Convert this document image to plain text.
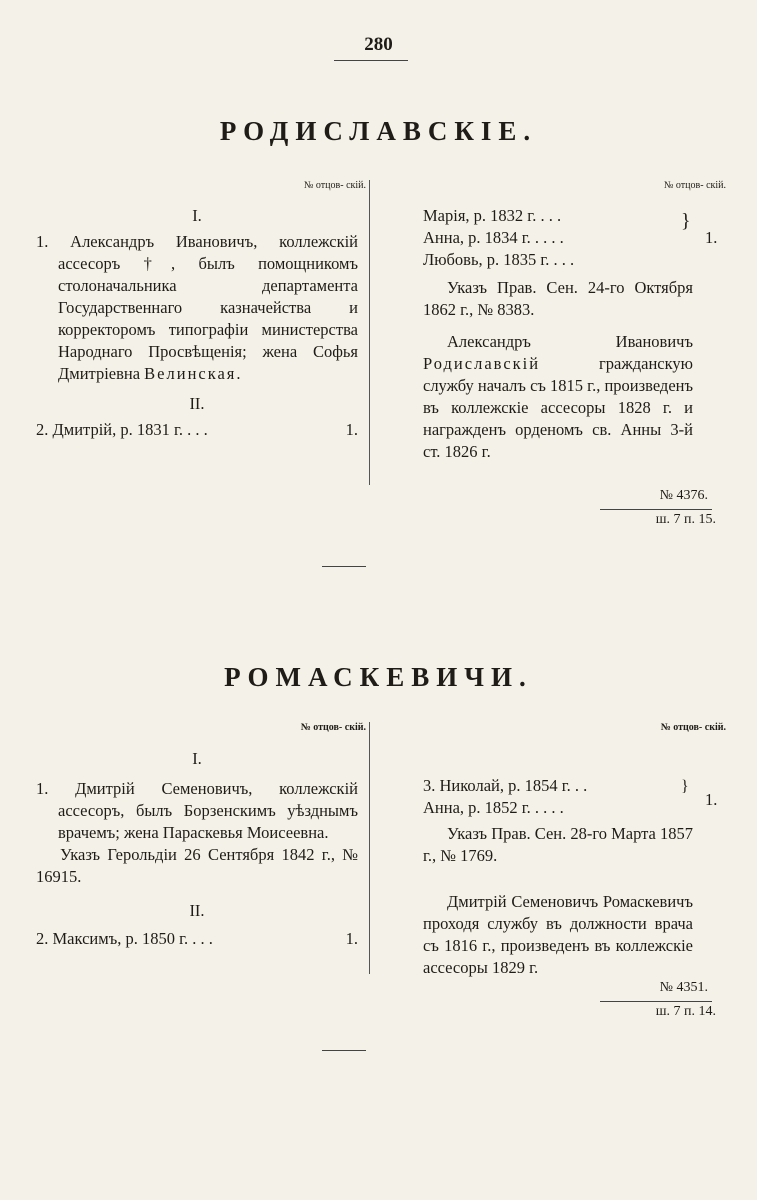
280
РОДИСЛАВСКІЕ.
№ отцов- скій.

I.

1. Александръ Ивановичъ, коллежскій ассесоръ †, былъ помощникомъ столоначальника департамента Государственнаго казначейства и корректоромъ типографіи министерства Народнаго Просвѣщенія; жена Софья Дмитріевна Велинская.

II.

2. Дмитрій, р. 1831 г. . . .	1.
№ отцов- скій.

Марія, р. 1832 г. . . .

Анна, р. 1834 г. . . . .

Любовь, р. 1835 г. . . .

}
1.

Указъ Прав. Сен. 24-го Октября 1862 г., № 8383.

Александръ Ивановичъ Родиславскій	гражданскую службу началъ съ 1815 г., произведенъ въ коллежскіе ассесоры 1828 г. и награжденъ орденомъ св. Анны 3-й ст. 1826 г.

№ 4376.
ш. 7 п. 15.
РОМАСКЕВИЧИ.
№ отцов- скій.

I.

1. Дмитрій Семеновичъ, коллежскій ассесоръ, былъ Борзенскимъ уѣзднымъ врачемъ; жена Параскевья Моисеевна.

Указъ Герольдіи 26 Сентября 1842 г., № 16915.

II.

2. Максимъ, р. 1850 г. . . .	1.
№ отцов- скій.

3. Николай, р. 1854 г. . .

Анна, р. 1852 г. . . . .

}
1.

Указъ Прав. Сен. 28-го Марта 1857 г., № 1769.

Дмитрій Семеновичъ Ромаскевичъ проходя службу въ должности врача съ 1816 г., произведенъ въ коллежскіе ассесоры 1829 г.

№ 4351.
ш. 7 п. 14.
